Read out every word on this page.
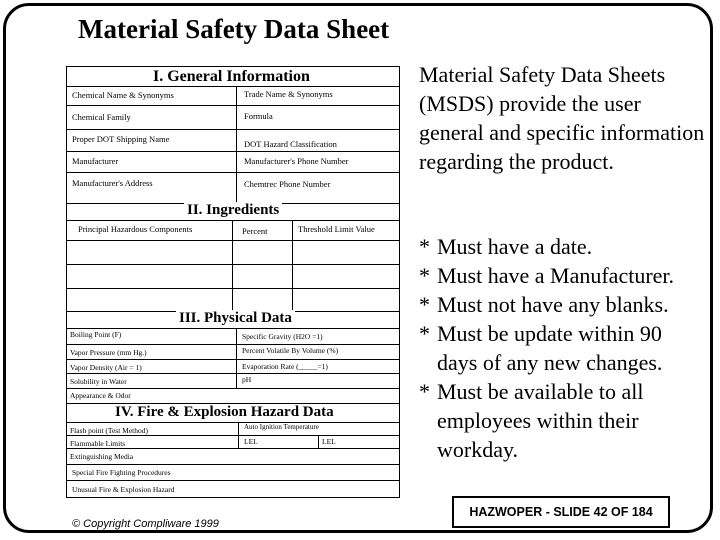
Material Safety Data Sheet
I. General Information
Chemical Name & Synonyms	Trade Name & Synonyms
Chemical Family	Formula
Proper DOT Shipping Name	DOT Hazard Classification
Manufacturer	Manufacturer's Phone Number
Manufacturer's Address	Chemtrec Phone Number
II. Ingredients
Principal Hazardous Components	Percent	Threshold Limit Value
III. Physical Data
Boiling Point (F)	Specific Gravity (H2O =1)
Vapor Pressure (mm Hg.)	Percent Volatile By Volume (%)
Vapor Density (Air = 1)	Evaporation Rate (_____=1)
Solubility in Water	pH
Appearance & Odor
IV. Fire & Explosion Hazard Data
Flash point (Test Method)	Auto Ignition Temperature
Flammable Limits	LEL	LEL
Extinguishing Media
Special Fire Fighting Procedures
Unusual Fire & Explosion Hazard
Material Safety Data Sheets (MSDS) provide the user general and specific information regarding the product.
* Must have a date.
* Must have a Manufacturer.
* Must not have any blanks.
* Must be update within 90 days of any new changes.
* Must be available to all employees within their workday.
HAZWOPER - SLIDE 42 OF 184
© Copyright Compliware 1999
